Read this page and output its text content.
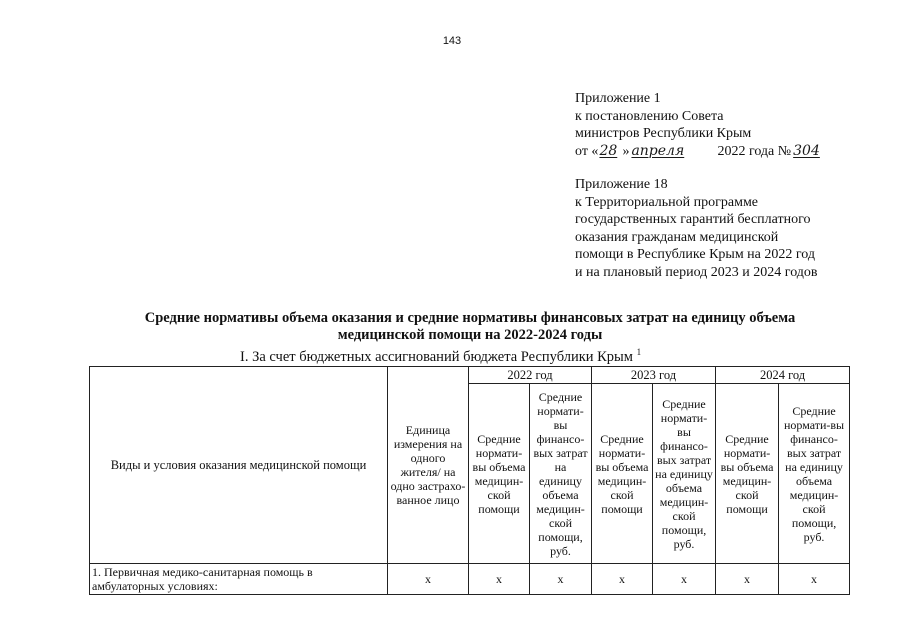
143
Приложение 1
к постановлению Совета
министров Республики Крым
от «28 » апреля 2022 года № 304
Приложение 18
к Территориальной программе
государственных гарантий бесплатного
оказания гражданам медицинской
помощи в Республике Крым на 2022 год
и на плановый период 2023 и 2024 годов
Средние нормативы объема оказания и средние нормативы финансовых затрат на единицу объема
медицинской помощи на 2022-2024 годы
I. За счет бюджетных ассигнований бюджета Республики Крым $^1$
Виды и условия оказания медицинской помощи	Единица измерения на одного жителя/ на одно застрахо-ванное лицо	2022 год		2023 год		2024 год	
		Средние нормати-вы объема медицин-ской помощи	Средние нормати-вы финансо-вых затрат на единицу объема медицин-ской помощи, руб.	Средние нормати-вы объема медицин-ской помощи	Средние нормати-вы финансо-вых затрат на единицу объема медицин-ской помощи, руб.	Средние нормати-вы объема медицин-ской помощи	Средние нормати-вы финансо-вых затрат на единицу объема медицин-ской помощи, руб.
1. Первичная медико-санитарная помощь в амбулаторных условиях:	х	х	х	х	х	х	х
